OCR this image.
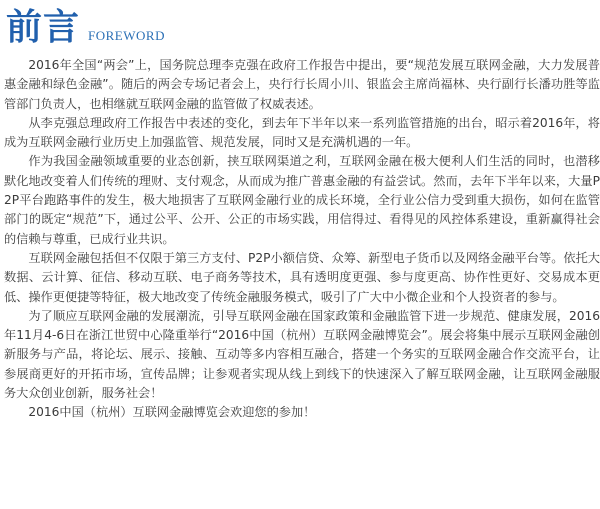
前言 FOREWORD

2016年全国“两会”上，国务院总理李克强在政府工作报告中提出，要“规范发展互联网金融，大力发展普惠金融和绿色金融”。随后的两会专场记者会上，央行行长周小川、银监会主席尚福林、央行副行长潘功胜等监管部门负责人，也相继就互联网金融的监管做了权威表述。

从李克强总理政府工作报告中表述的变化，到去年下半年以来一系列监管措施的出台，昭示着2016年，将成为互联网金融行业历史上加强监管、规范发展，同时又是充满机遇的一年。

作为我国金融领域重要的业态创新，挟互联网渠道之利，互联网金融在极大便利人们生活的同时，也潜移默化地改变着人们传统的理财、支付观念，从而成为推广普惠金融的有益尝试。然而，去年下半年以来，大量P2P平台跑路事件的发生，极大地损害了互联网金融行业的成长环境，全行业公信力受到重大损伤，如何在监管部门的既定“规范”下，通过公平、公开、公正的市场实践，用信得过、看得见的风控体系建设，重新赢得社会的信赖与尊重，已成行业共识。

互联网金融包括但不仅限于第三方支付、P2P小额信贷、众筹、新型电子货币以及网络金融平台等。依托大数据、云计算、征信、移动互联、电子商务等技术，具有透明度更强、参与度更高、协作性更好、交易成本更低、操作更便捷等特征，极大地改变了传统金融服务模式，吸引了广大中小微企业和个人投资者的参与。

为了顺应互联网金融的发展潮流，引导互联网金融在国家政策和金融监管下进一步规范、健康发展，2016年11月4-6日在浙江世贸中心隆重举行“2016中国（杭州）互联网金融博览会”。展会将集中展示互联网金融创新服务与产品，将论坛、展示、接触、互动等多内容相互融合，搭建一个务实的互联网金融合作交流平台，让参展商更好的开拓市场，宣传品牌；让参观者实现从线上到线下的快速深入了解互联网金融，让互联网金融服务大众创业创新，服务社会！

2016中国（杭州）互联网金融博览会欢迎您的参加！
